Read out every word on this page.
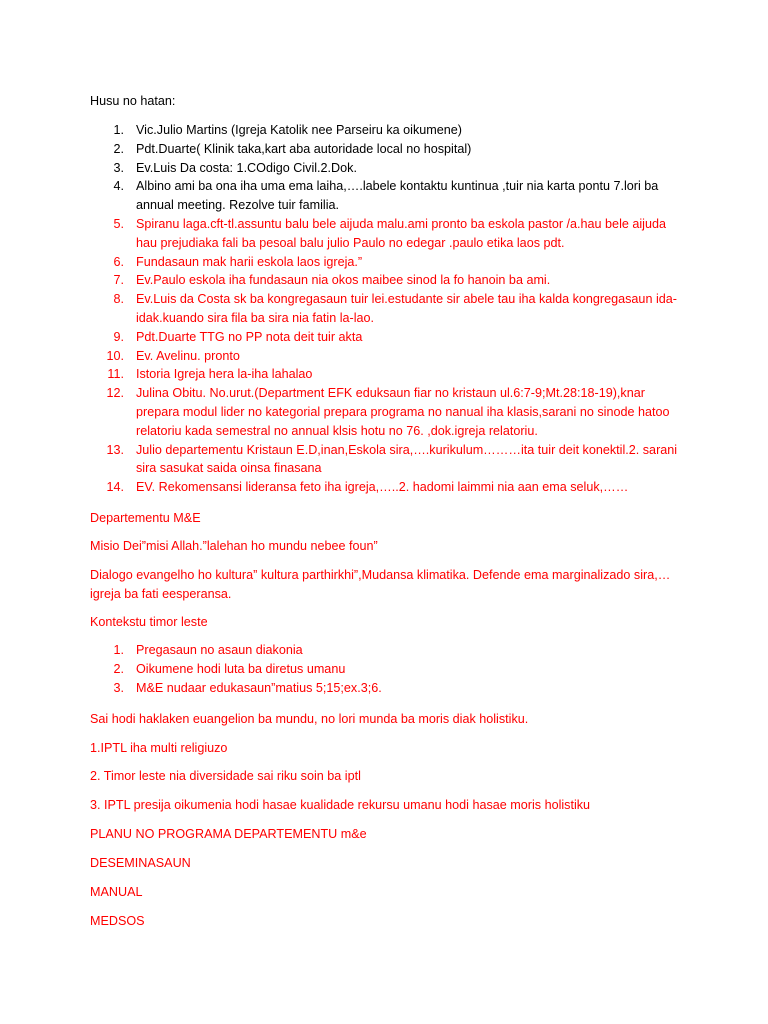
Husu no hatan:

1. Vic.Julio Martins (Igreja Katolik nee Parseiru ka oikumene)
2. Pdt.Duarte( Klinik taka,kart aba autoridade local no hospital)
3. Ev.Luis Da costa: 1.COdigo Civil.2.Dok.
4. Albino ami ba ona iha uma ema laiha,….labele kontaktu kuntinua ,tuir nia karta pontu 7.lori ba annual meeting. Rezolve tuir familia.
5. Spiranu laga.cft-tl.assuntu balu bele aijuda malu.ami pronto ba eskola pastor /a.hau bele aijuda hau prejudiaka fali ba pesoal balu julio Paulo no edegar .paulo etika laos pdt.
6. Fundasaun mak harii eskola laos igreja.”
7. Ev.Paulo eskola iha fundasaun nia okos maibee sinod la fo hanoin ba ami.
8. Ev.Luis da Costa sk ba kongregasaun tuir lei.estudante sir abele tau iha kalda kongregasaun ida-idak.kuando sira fila ba sira nia fatin la-lao.
9. Pdt.Duarte TTG no PP nota deit tuir akta
10. Ev. Avelinu. pronto
11. Istoria Igreja hera la-iha lahalao
12. Julina Obitu. No.urut.(Department EFK eduksaun fiar no kristaun ul.6:7-9;Mt.28:18-19),knar prepara modul lider no kategorial prepara programa no nanual iha klasis,sarani no sinode hatoo relatoriu kada semestral no annual klsis hotu no 76. ,dok.igreja relatoriu.
13. Julio departementu Kristaun E.D,inan,Eskola sira,….kurikulum………ita tuir deit konektil.2. sarani sira sasukat saida oinsa finasana
14. EV. Rekomensansi lideransa feto iha igreja,…..2. hadomi laimmi nia aan ema seluk,……

Departementu M&E

Misio Dei”misi Allah.”lalehan ho mundu nebee foun”

Dialogo evangelho ho kultura” kultura parthirkhi”,Mudansa klimatika. Defende ema marginalizado sira,…igreja ba fati eesperansa.

Kontekstu timor leste

1. Pregasaun no asaun diakonia
2. Oikumene hodi luta ba diretus umanu
3. M&E nudaar edukasaun”matius 5;15;ex.3;6.

Sai hodi haklaken euangelion ba mundu, no lori munda ba moris diak holistiku.

1.IPTL iha multi religiuzo

2. Timor leste nia diversidade sai riku soin ba iptl

3. IPTL presija oikumenia hodi hasae kualidade rekursu umanu hodi hasae moris holistiku

PLANU NO PROGRAMA DEPARTEMENTU m&e

DESEMINASAUN

MANUAL

MEDSOS
